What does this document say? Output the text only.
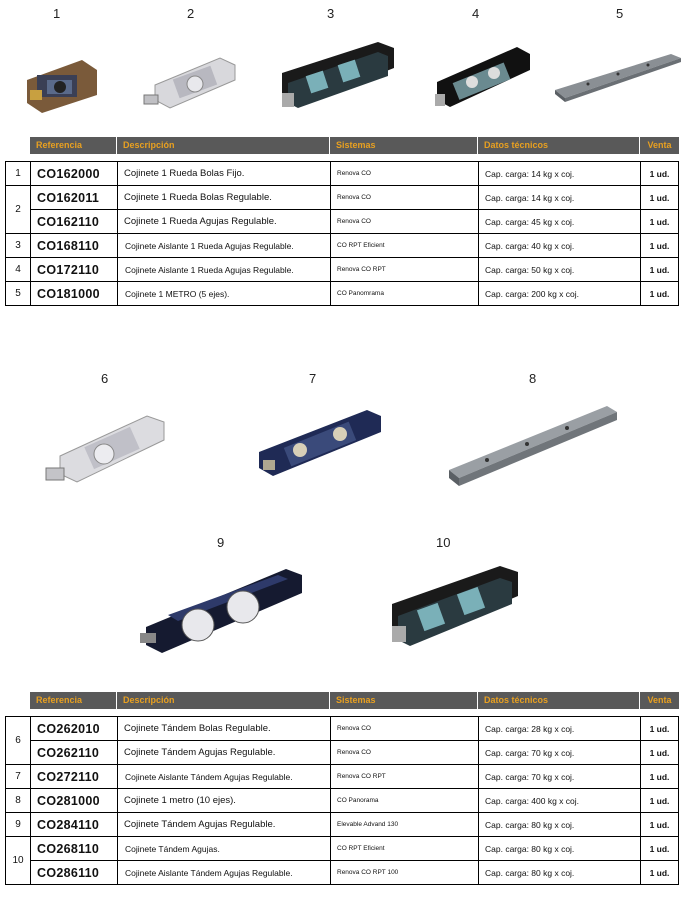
1	2	3	4	5
Referencia	Descripción	Sistemas	Datos técnicos	Venta
1	CO162000	Cojinete 1 Rueda Bolas Fijo.	Renova CO	Cap. carga: 14 kg x coj.	1 ud.
2	CO162011	Cojinete 1 Rueda Bolas Regulable.	Renova CO	Cap. carga: 14 kg x coj.	1 ud.
	CO162110	Cojinete 1 Rueda Agujas Regulable.	Renova CO	Cap. carga: 45 kg x coj.	1 ud.
3	CO168110	Cojinete Aislante 1 Rueda Agujas Regulable.	CO RPT Eficient	Cap. carga: 40 kg x coj.	1 ud.
4	CO172110	Cojinete Aislante 1 Rueda Agujas Regulable.	Renova CO RPT	Cap. carga: 50 kg x coj.	1 ud.
5	CO181000	Cojinete 1 METRO (5 ejes).	CO Panomrama	Cap. carga: 200 kg x coj.	1 ud.
6	7	8
9	10
Referencia	Descripción	Sistemas	Datos técnicos	Venta
6	CO262010	Cojinete Tándem Bolas Regulable.	Renova CO	Cap. carga: 28 kg x coj.	1 ud.
	CO262110	Cojinete Tándem Agujas Regulable.	Renova CO	Cap. carga: 70 kg x coj.	1 ud.
7	CO272110	Cojinete Aislante Tándem Agujas Regulable.	Renova CO RPT	Cap. carga: 70 kg x coj.	1 ud.
8	CO281000	Cojinete 1 metro (10 ejes).	CO Panorama	Cap. carga: 400 kg x coj.	1 ud.
9	CO284110	Cojinete Tándem Agujas Regulable.	Elevable Advand 130	Cap. carga: 80 kg x coj.	1 ud.
10	CO268110	Cojinete Tándem Agujas.	CO RPT Eficient	Cap. carga: 80 kg x coj.	1 ud.
	CO286110	Cojinete Aislante Tándem Agujas Regulable.	Renova CO RPT 100	Cap. carga: 80 kg x coj.	1 ud.
